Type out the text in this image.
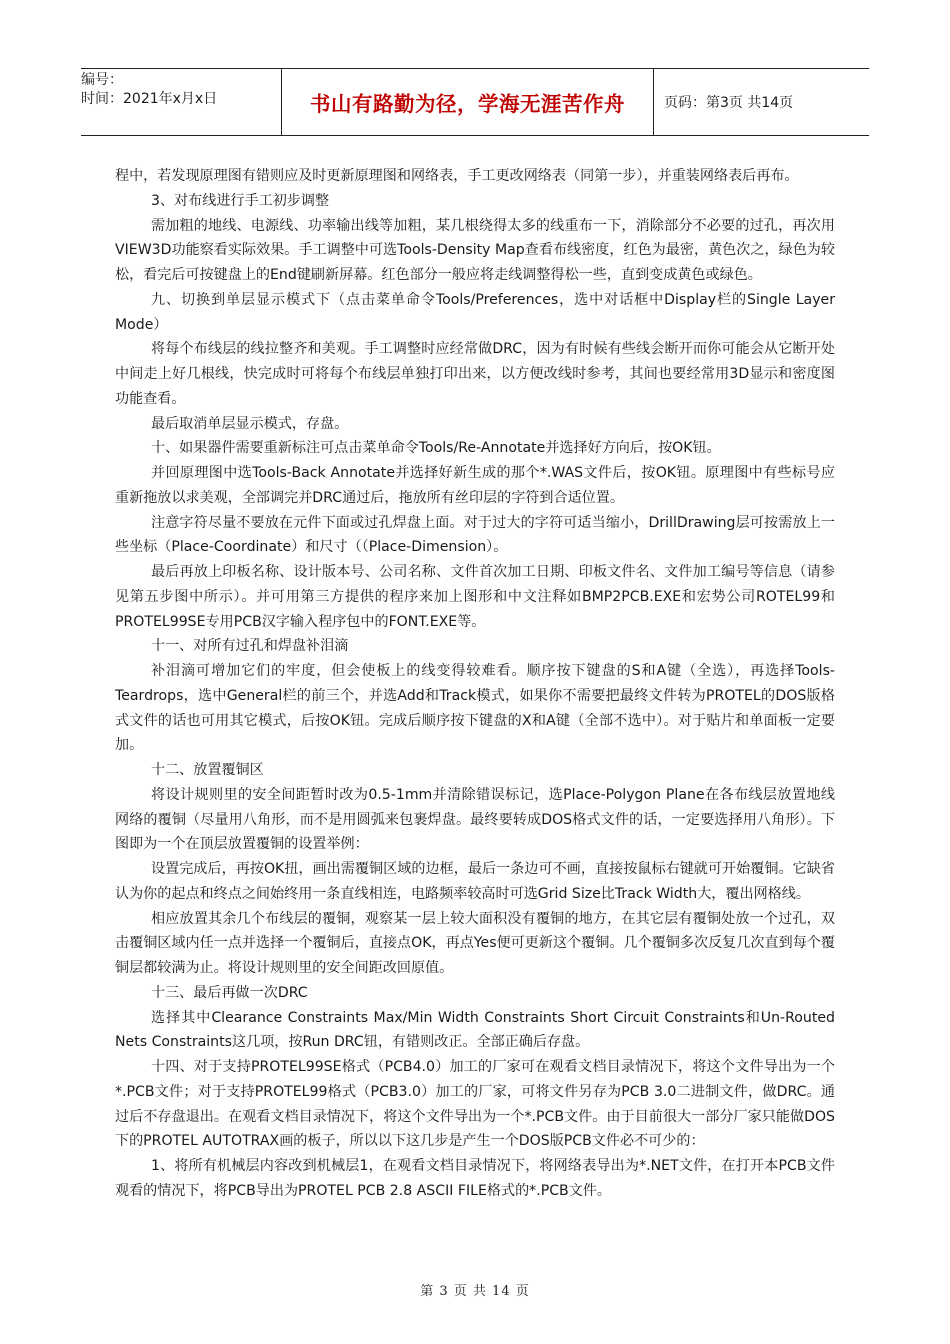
编号：
时间：2021年x月x日	书山有路勤为径，学海无涯苦作舟	页码：第3页 共14页

程中，若发现原理图有错则应及时更新原理图和网络表，手工更改网络表（同第一步），并重装网络表后再布。

3、对布线进行手工初步调整

需加粗的地线、电源线、功率输出线等加粗，某几根绕得太多的线重布一下，消除部分不必要的过孔，再次用VIEW3D功能察看实际效果。手工调整中可选Tools-Density Map查看布线密度，红色为最密，黄色次之，绿色为较松，看完后可按键盘上的End键刷新屏幕。红色部分一般应将走线调整得松一些，直到变成黄色或绿色。

九、切换到单层显示模式下（点击菜单命令Tools/Preferences，选中对话框中Display栏的Single Layer Mode）

将每个布线层的线拉整齐和美观。手工调整时应经常做DRC，因为有时候有些线会断开而你可能会从它断开处中间走上好几根线，快完成时可将每个布线层单独打印出来，以方便改线时参考，其间也要经常用3D显示和密度图功能查看。

最后取消单层显示模式，存盘。

十、如果器件需要重新标注可点击菜单命令Tools/Re-Annotate并选择好方向后，按OK钮。

并回原理图中选Tools-Back Annotate并选择好新生成的那个*.WAS文件后，按OK钮。原理图中有些标号应重新拖放以求美观，全部调完并DRC通过后，拖放所有丝印层的字符到合适位置。

注意字符尽量不要放在元件下面或过孔焊盘上面。对于过大的字符可适当缩小，DrillDrawing层可按需放上一些坐标（Place-Coordinate）和尺寸（（Place-Dimension）。

最后再放上印板名称、设计版本号、公司名称、文件首次加工日期、印板文件名、文件加工编号等信息（请参见第五步图中所示）。并可用第三方提供的程序来加上图形和中文注释如BMP2PCB.EXE和宏势公司ROTEL99和PROTEL99SE专用PCB汉字输入程序包中的FONT.EXE等。

十一、对所有过孔和焊盘补泪滴

补泪滴可增加它们的牢度，但会使板上的线变得较难看。顺序按下键盘的S和A键（全选），再选择Tools-Teardrops，选中General栏的前三个，并选Add和Track模式，如果你不需要把最终文件转为PROTEL的DOS版格式文件的话也可用其它模式，后按OK钮。完成后顺序按下键盘的X和A键（全部不选中）。对于贴片和单面板一定要加。

十二、放置覆铜区

将设计规则里的安全间距暂时改为0.5-1mm并清除错误标记，选Place-Polygon Plane在各布线层放置地线网络的覆铜（尽量用八角形，而不是用圆弧来包裹焊盘。最终要转成DOS格式文件的话，一定要选择用八角形）。下图即为一个在顶层放置覆铜的设置举例：

设置完成后，再按OK扭，画出需覆铜区域的边框，最后一条边可不画，直接按鼠标右键就可开始覆铜。它缺省认为你的起点和终点之间始终用一条直线相连，电路频率较高时可选Grid Size比Track Width大，覆出网格线。

相应放置其余几个布线层的覆铜，观察某一层上较大面积没有覆铜的地方，在其它层有覆铜处放一个过孔，双击覆铜区域内任一点并选择一个覆铜后，直接点OK，再点Yes便可更新这个覆铜。几个覆铜多次反复几次直到每个覆铜层都较满为止。将设计规则里的安全间距改回原值。

十三、最后再做一次DRC

选择其中Clearance Constraints Max/Min Width Constraints Short Circuit Constraints和Un-Routed Nets Constraints这几项，按Run DRC钮，有错则改正。全部正确后存盘。

十四、对于支持PROTEL99SE格式（PCB4.0）加工的厂家可在观看文档目录情况下，将这个文件导出为一个*.PCB文件；对于支持PROTEL99格式（PCB3.0）加工的厂家，可将文件另存为PCB 3.0二进制文件，做DRC。通过后不存盘退出。在观看文档目录情况下，将这个文件导出为一个*.PCB文件。由于目前很大一部分厂家只能做DOS下的PROTEL AUTOTRAX画的板子，所以以下这几步是产生一个DOS版PCB文件必不可少的：

1、将所有机械层内容改到机械层1，在观看文档目录情况下，将网络表导出为*.NET文件，在打开本PCB文件观看的情况下，将PCB导出为PROTEL PCB 2.8 ASCII FILE格式的*.PCB文件。

第 3 页 共 14 页
